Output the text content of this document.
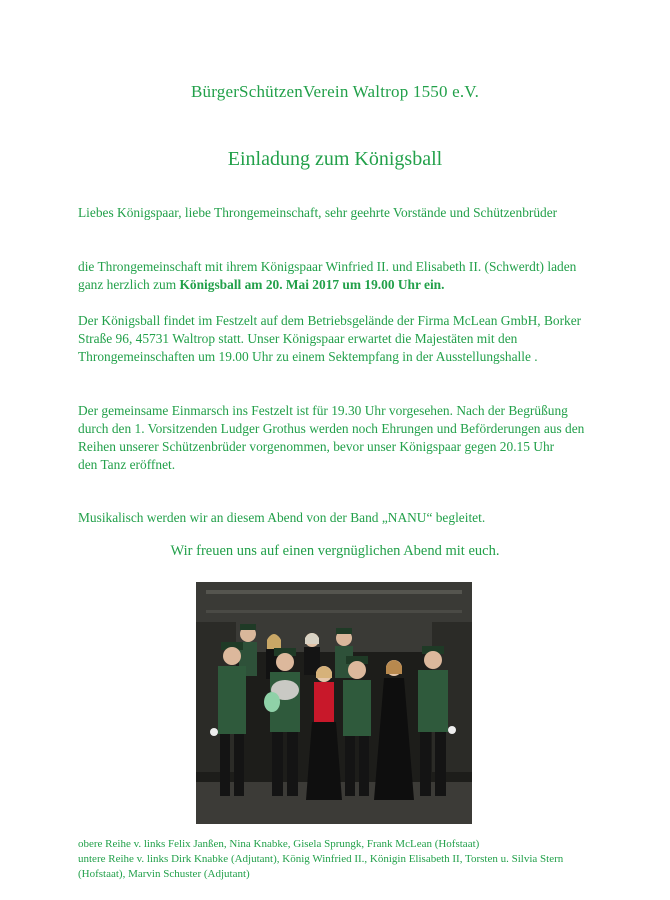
BürgerSchützenVerein Waltrop 1550 e.V.
Einladung zum Königsball
Liebes Königspaar, liebe Throngemeinschaft, sehr geehrte Vorstände und Schützenbrüder
die Throngemeinschaft mit ihrem Königspaar Winfried II. und Elisabeth II. (Schwerdt) laden ganz herzlich zum Königsball am 20. Mai 2017 um 19.00 Uhr ein.
Der Königsball findet im Festzelt auf dem Betriebsgelände der Firma McLean GmbH, Borker Straße 96, 45731 Waltrop statt. Unser Königspaar erwartet die Majestäten mit den Throngemeinschaften um 19.00 Uhr zu einem Sektempfang in der Ausstellungshalle .
Der gemeinsame Einmarsch ins Festzelt ist für 19.30 Uhr vorgesehen. Nach der Begrüßung durch den 1. Vorsitzenden Ludger Grothus werden noch Ehrungen und Beförderungen aus den Reihen unserer Schützenbrüder vorgenommen, bevor unser Königspaar gegen 20.15 Uhr
den Tanz eröffnet.
Musikalisch werden wir an diesem Abend von der Band „NANU“ begleitet.
Wir freuen uns auf einen vergnüglichen Abend mit euch.
obere Reihe v. links Felix Janßen, Nina Knabke, Gisela Sprungk, Frank McLean (Hofstaat)
untere Reihe v. links Dirk Knabke (Adjutant), König Winfried II., Königin Elisabeth II, Torsten u. Silvia Stern (Hofstaat), Marvin Schuster (Adjutant)
